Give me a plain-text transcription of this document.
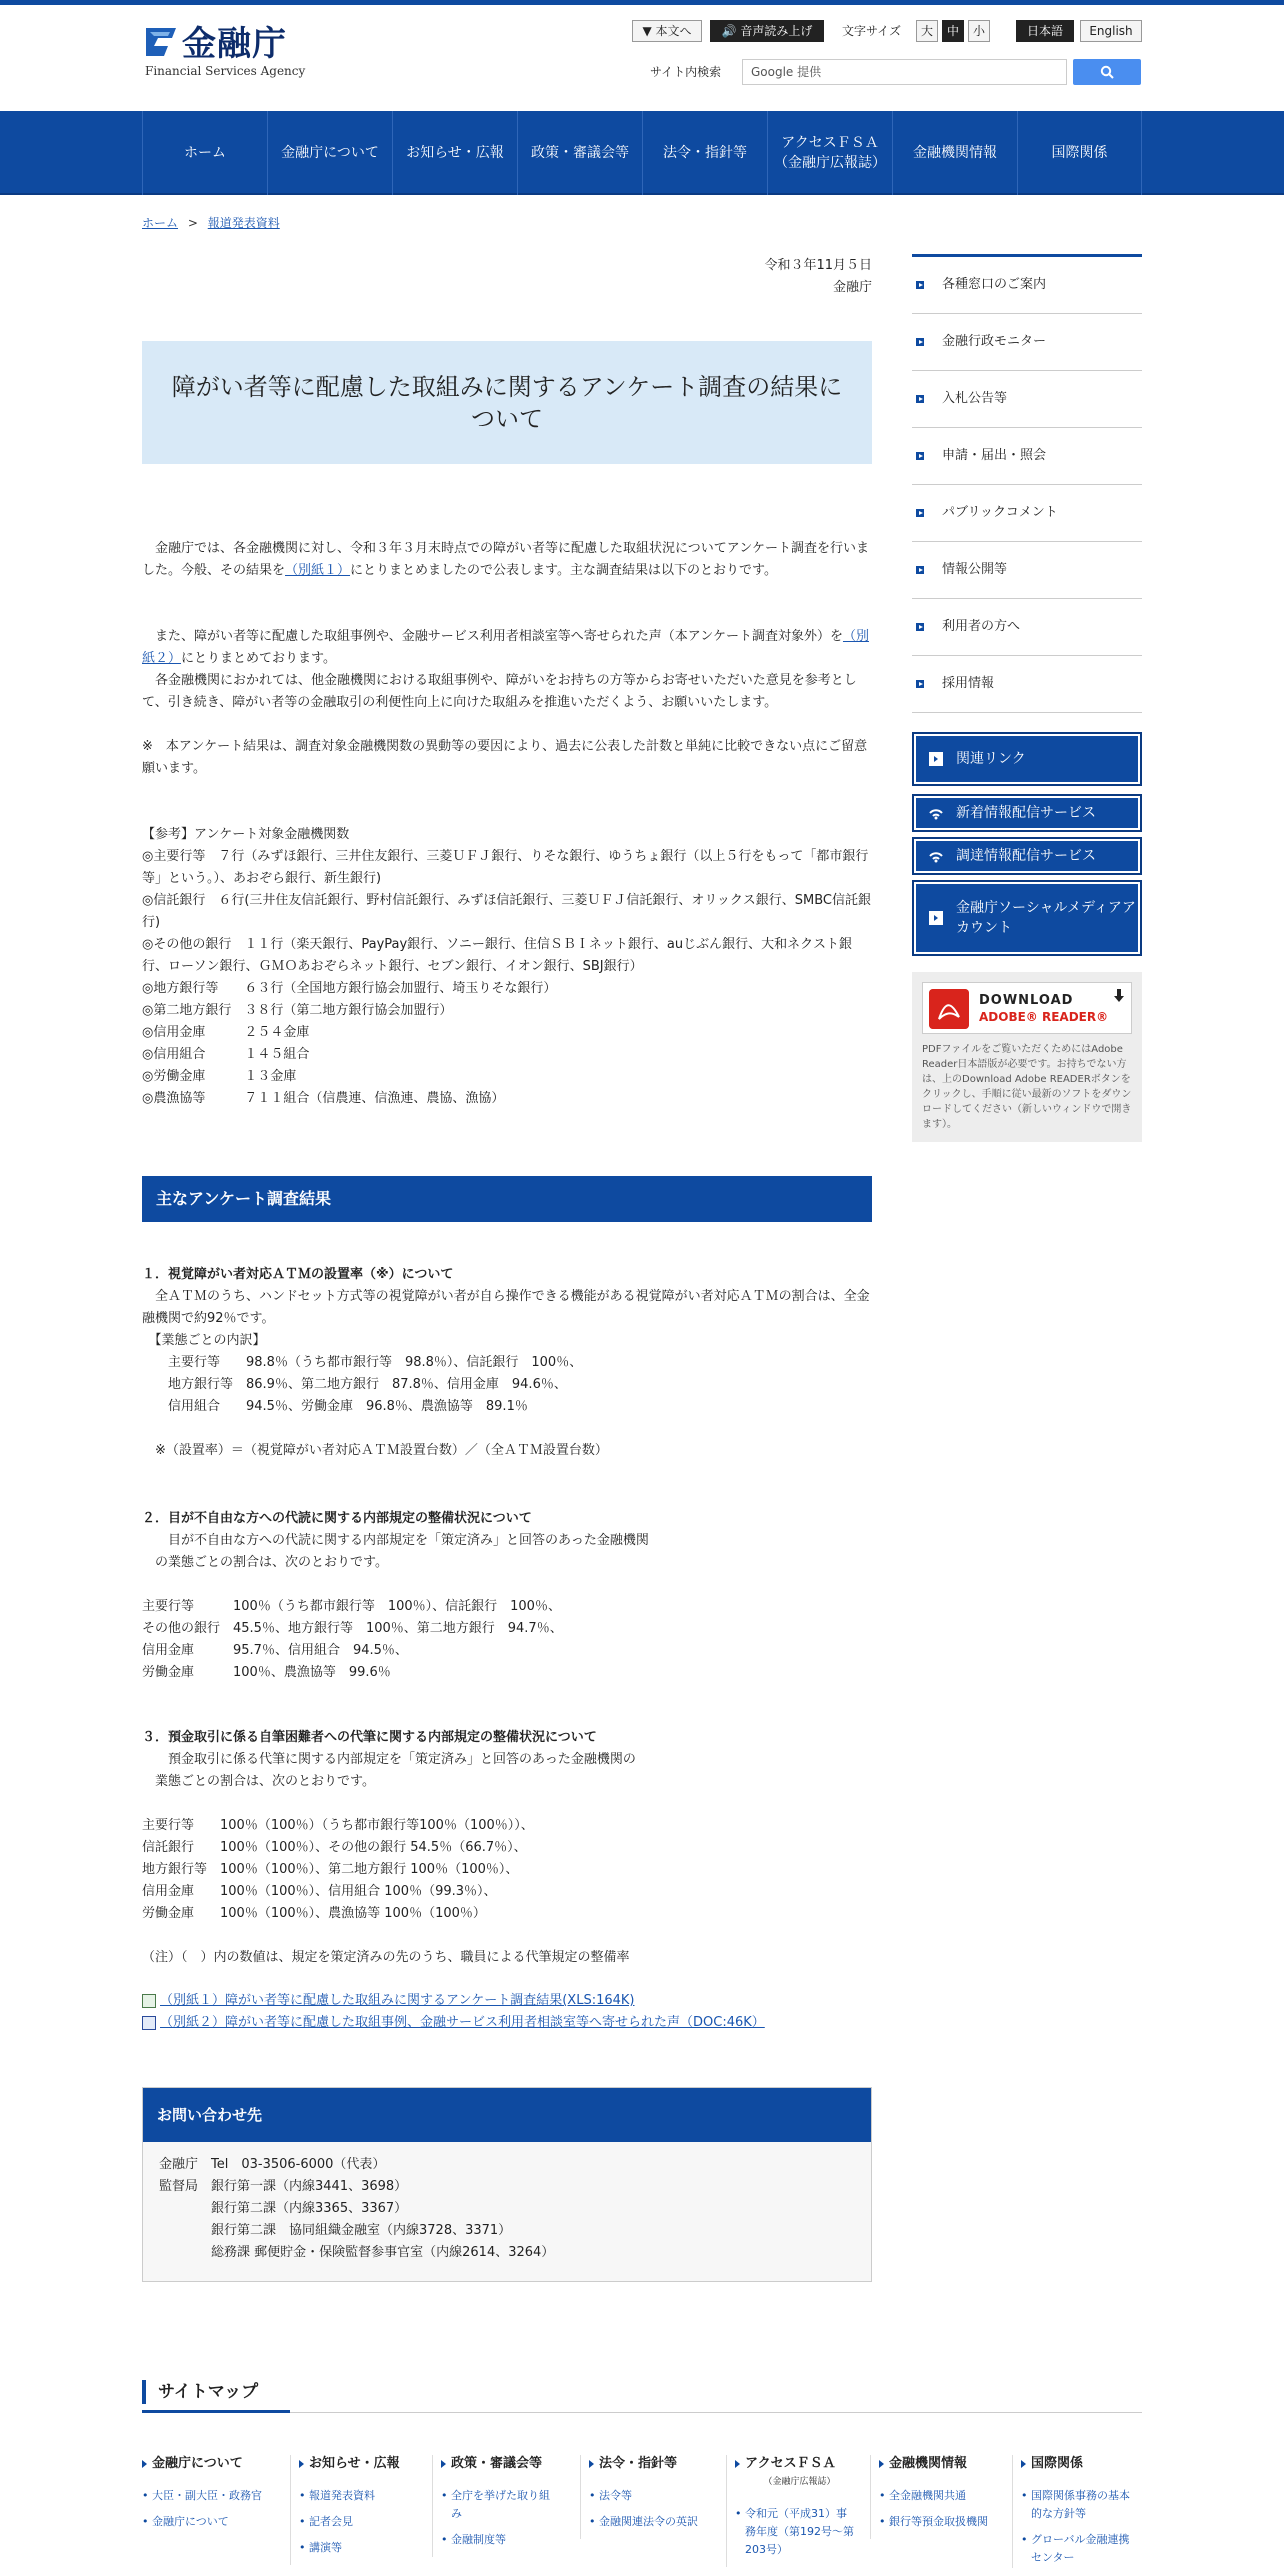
金融庁
Financial Services Agency
▼ 本文へ	🔊 音声読み上げ	文字サイズ	大	中	小	日本語	English
サイト内検索	Google 提供
ホーム	金融庁について	お知らせ・広報	政策・審議会等	法令・指針等
アクセスＦＳＡ
（金融庁広報誌）
金融機関情報	国際関係
ホーム > 報道発表資料
令和３年11月５日
金融庁
障がい者等に配慮した取組みに関するアンケート調査の結果について
　金融庁では、各金融機関に対し、令和３年３月末時点での障がい者等に配慮した取組状況についてアンケート調査を行いました。今般、その結果を（別紙１）にとりまとめましたので公表します。主な調査結果は以下のとおりです。
　また、障がい者等に配慮した取組事例や、金融サービス利用者相談室等へ寄せられた声（本アンケート調査対象外）を（別紙２）にとりまとめております。
　各金融機関におかれては、他金融機関における取組事例や、障がいをお持ちの方等からお寄せいただいた意見を参考として、引き続き、障がい者等の金融取引の利便性向上に向けた取組みを推進いただくよう、お願いいたします。
※　本アンケート結果は、調査対象金融機関数の異動等の要因により、過去に公表した計数と単純に比較できない点にご留意願います。
【参考】アンケート対象金融機関数
◎主要行等　７行（みずほ銀行、三井住友銀行、三菱ＵＦＪ銀行、りそな銀行、ゆうちょ銀行（以上５行をもって「都市銀行等」という。）、あおぞら銀行、新生銀行)
◎信託銀行　６行(三井住友信託銀行、野村信託銀行、みずほ信託銀行、三菱ＵＦＪ信託銀行、オリックス銀行、SMBC信託銀行)
◎その他の銀行　１１行（楽天銀行、PayPay銀行、ソニー銀行、住信ＳＢＩネット銀行、auじぶん銀行、大和ネクスト銀行、ローソン銀行、ＧＭＯあおぞらネット銀行、セブン銀行、イオン銀行、SBJ銀行）
◎地方銀行等　　６３行（全国地方銀行協会加盟行、埼玉りそな銀行）
◎第二地方銀行　３８行（第二地方銀行協会加盟行）
◎信用金庫　　　２５４金庫
◎信用組合　　　１４５組合
◎労働金庫　　　１３金庫
◎農漁協等　　　７１１組合（信農連、信漁連、農協、漁協）
主なアンケート調査結果
１．視覚障がい者対応ＡＴＭの設置率（※）について
　全ＡＴＭのうち、ハンドセット方式等の視覚障がい者が自ら操作できる機能がある視覚障がい者対応ＡＴＭの割合は、全金融機関で約92％です。
　【業態ごとの内訳】
　　主要行等　　98.8％（うち都市銀行等　98.8％）、信託銀行　100％、
　　地方銀行等　86.9％、第二地方銀行　87.8％、信用金庫　94.6％、
　　信用組合　　94.5％、労働金庫　96.8％、農漁協等　89.1％
　※（設置率）＝（視覚障がい者対応ＡＴＭ設置台数）／（全ＡＴＭ設置台数）
２．目が不自由な方への代読に関する内部規定の整備状況について
　　目が不自由な方への代読に関する内部規定を「策定済み」と回答のあった金融機関
　の業態ごとの割合は、次のとおりです。
主要行等　　　100％（うち都市銀行等　100％）、信託銀行　100％、
その他の銀行　45.5％、地方銀行等　100％、第二地方銀行　94.7％、
信用金庫　　　95.7％、信用組合　94.5％、
労働金庫　　　100％、農漁協等　99.6％
３．預金取引に係る自筆困難者への代筆に関する内部規定の整備状況について
　　預金取引に係る代筆に関する内部規定を「策定済み」と回答のあった金融機関の
　業態ごとの割合は、次のとおりです。
主要行等　　100％（100％）（うち都市銀行等100％（100％））、
信託銀行　　100％（100％）、その他の銀行 54.5％（66.7％）、
地方銀行等　100％（100％）、第二地方銀行 100％（100％）、
信用金庫　　100％（100％）、信用組合 100％（99.3％）、
労働金庫　　100％（100％）、農漁協等 100％（100％）
（注）（　）内の数値は、規定を策定済みの先のうち、職員による代筆規定の整備率
（別紙１）障がい者等に配慮した取組みに関するアンケート調査結果(XLS:164K)
（別紙２）障がい者等に配慮した取組事例、金融サービス利用者相談室等へ寄せられた声（DOC:46K）
お問い合わせ先
金融庁　Tel　03-3506-6000（代表）
監督局　銀行第一課（内線3441、3698）
　　　　銀行第二課（内線3365、3367）
　　　　銀行第二課　協同組織金融室（内線3728、3371）
　　　　総務課 郵便貯金・保険監督参事官室（内線2614、3264）
各種窓口のご案内
金融行政モニター
入札公告等
申請・届出・照会
パブリックコメント
情報公開等
利用者の方へ
採用情報
関連リンク
新着情報配信サービス
調達情報配信サービス
金融庁ソーシャルメディアアカウント
DOWNLOAD
ADOBE® READER®
PDFファイルをご覧いただくためにはAdobe Reader日本語版が必要です。お持ちでない方は、上のDownload Adobe READERボタンをクリックし、手順に従い最新のソフトをダウンロードしてください（新しいウィンドウで開きます）。
サイトマップ
金融庁について
• 大臣・副大臣・政務官
• 金融庁について
お知らせ・広報
• 報道発表資料
• 記者会見
• 講演等
政策・審議会等
• 全庁を挙げた取り組み
• 金融制度等
法令・指針等
• 法令等
• 金融関連法令の英訳
アクセスＦＳＡ
（金融庁広報誌）
• 令和元（平成31）事務年度（第192号～第203号）
金融機関情報
• 全金融機関共通
• 銀行等預金取扱機関
国際関係
• 国際関係事務の基本的な方針等
• グローバル金融連携センター
